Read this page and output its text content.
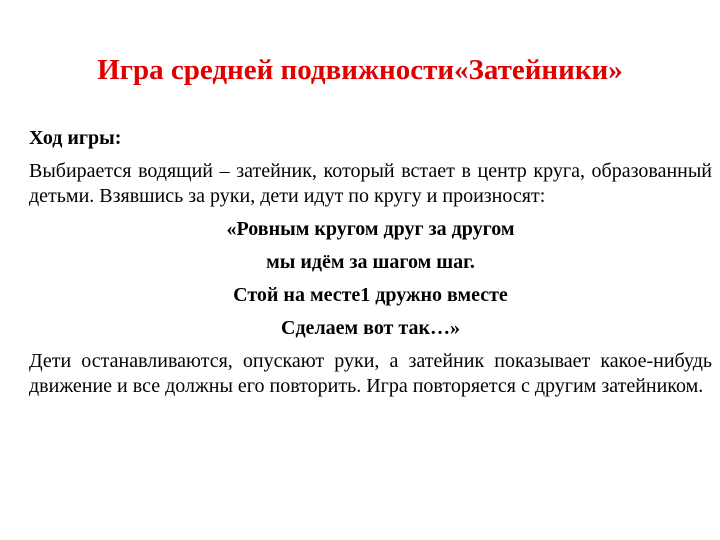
Игра средней подвижности«Затейники»

Ход игры:

Выбирается водящий – затейник, который встает в центр круга, образованный детьми. Взявшись за руки, дети идут по кругу и произносят:

«Ровным кругом друг за другом

мы идём за шагом шаг.

Стой на месте1 дружно вместе

Сделаем вот так…»

Дети останавливаются, опускают руки, а затейник показывает какое-нибудь движение и все должны его повторить. Игра повторяется с другим затейником.
